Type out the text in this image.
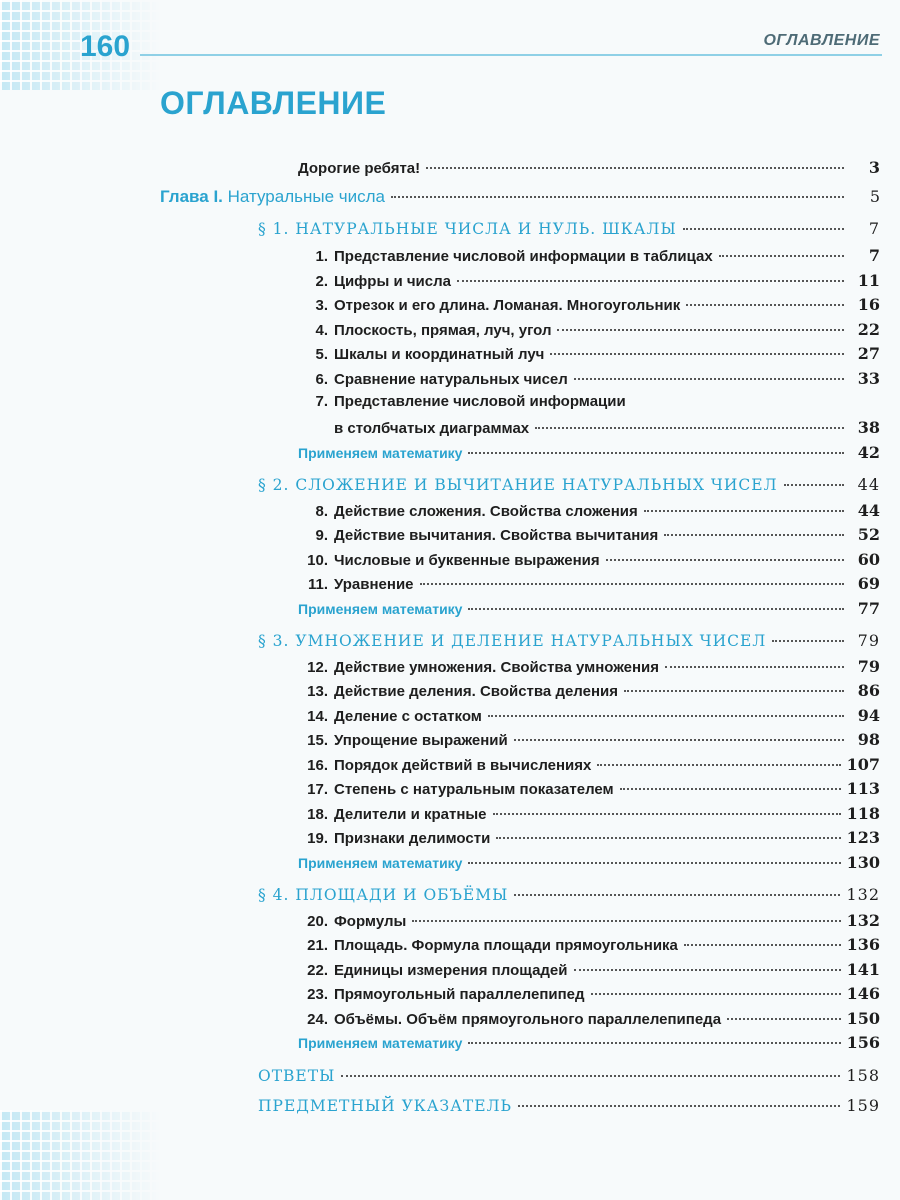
160	ОГЛАВЛЕНИЕ
ОГЛАВЛЕНИЕ
Дорогие ребята!	3
Глава I. Натуральные числа	5
§ 1. НАТУРАЛЬНЫЕ ЧИСЛА И НУЛЬ. ШКАЛЫ	7
1. Представление числовой информации в таблицах	7
2. Цифры и числа	11
3. Отрезок и его длина. Ломаная. Многоугольник	16
4. Плоскость, прямая, луч, угол	22
5. Шкалы и координатный луч	27
6. Сравнение натуральных чисел	33
7. Представление числовой информации
в столбчатых диаграммах	38
Применяем математику	42
§ 2. СЛОЖЕНИЕ И ВЫЧИТАНИЕ НАТУРАЛЬНЫХ ЧИСЕЛ	44
8. Действие сложения. Свойства сложения	44
9. Действие вычитания. Свойства вычитания	52
10. Числовые и буквенные выражения	60
11. Уравнение	69
Применяем математику	77
§ 3. УМНОЖЕНИЕ И ДЕЛЕНИЕ НАТУРАЛЬНЫХ ЧИСЕЛ	79
12. Действие умножения. Свойства умножения	79
13. Действие деления. Свойства деления	86
14. Деление с остатком	94
15. Упрощение выражений	98
16. Порядок действий в вычислениях	107
17. Степень с натуральным показателем	113
18. Делители и кратные	118
19. Признаки делимости	123
Применяем математику	130
§ 4. ПЛОЩАДИ И ОБЪЁМЫ	132
20. Формулы	132
21. Площадь. Формула площади прямоугольника	136
22. Единицы измерения площадей	141
23. Прямоугольный параллелепипед	146
24. Объёмы. Объём прямоугольного параллелепипеда	150
Применяем математику	156
ОТВЕТЫ	158
ПРЕДМЕТНЫЙ УКАЗАТЕЛЬ	159
